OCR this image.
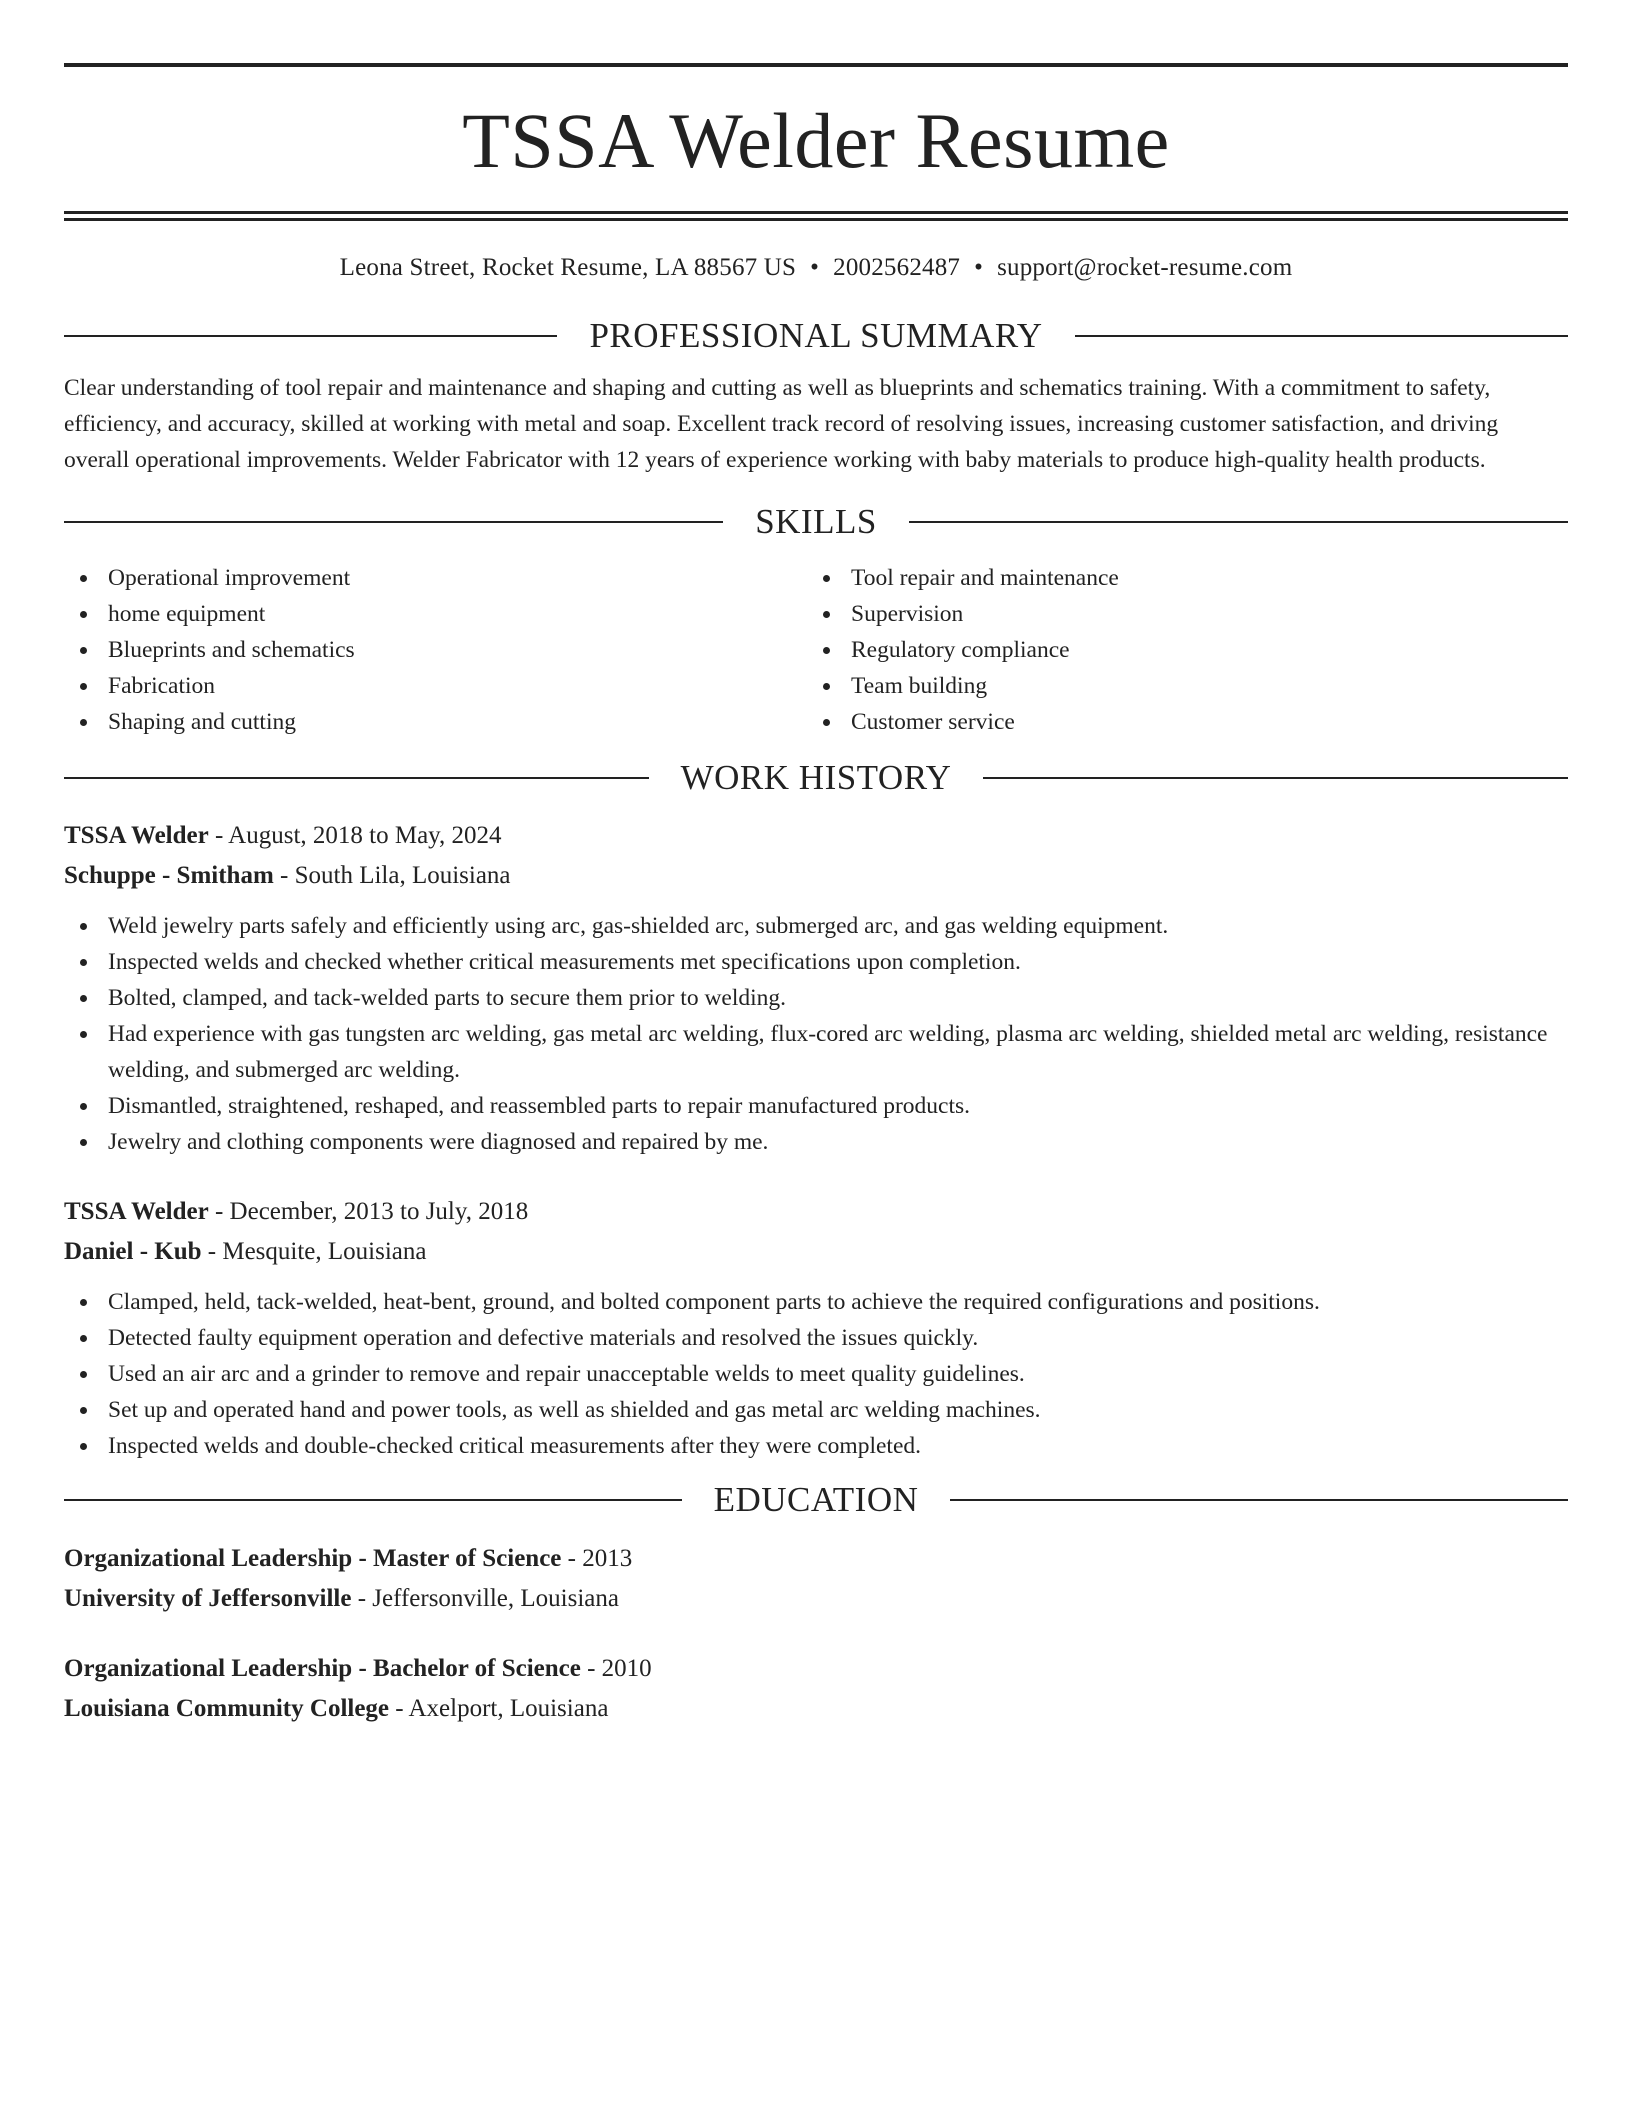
TSSA Welder Resume
Leona Street, Rocket Resume, LA 88567 US • 2002562487 • support@rocket-resume.com
PROFESSIONAL SUMMARY

Clear understanding of tool repair and maintenance and shaping and cutting as well as blueprints and schematics training. With a commitment to safety, efficiency, and accuracy, skilled at working with metal and soap. Excellent track record of resolving issues, increasing customer satisfaction, and driving overall operational improvements. Welder Fabricator with 12 years of experience working with baby materials to produce high-quality health products.

SKILLS
Operational improvement
home equipment
Blueprints and schematics
Fabrication
Shaping and cutting
Tool repair and maintenance
Supervision
Regulatory compliance
Team building
Customer service
WORK HISTORY
TSSA Welder - August, 2018 to May, 2024
Schuppe - Smitham - South Lila, Louisiana
Weld jewelry parts safely and efficiently using arc, gas-shielded arc, submerged arc, and gas welding equipment.
Inspected welds and checked whether critical measurements met specifications upon completion.
Bolted, clamped, and tack-welded parts to secure them prior to welding.
Had experience with gas tungsten arc welding, gas metal arc welding, flux-cored arc welding, plasma arc welding, shielded metal arc welding, resistance welding, and submerged arc welding.
Dismantled, straightened, reshaped, and reassembled parts to repair manufactured products.
Jewelry and clothing components were diagnosed and repaired by me.
TSSA Welder - December, 2013 to July, 2018
Daniel - Kub - Mesquite, Louisiana
Clamped, held, tack-welded, heat-bent, ground, and bolted component parts to achieve the required configurations and positions.
Detected faulty equipment operation and defective materials and resolved the issues quickly.
Used an air arc and a grinder to remove and repair unacceptable welds to meet quality guidelines.
Set up and operated hand and power tools, as well as shielded and gas metal arc welding machines.
Inspected welds and double-checked critical measurements after they were completed.
EDUCATION
Organizational Leadership - Master of Science - 2013
University of Jeffersonville - Jeffersonville, Louisiana
Organizational Leadership - Bachelor of Science - 2010
Louisiana Community College - Axelport, Louisiana
